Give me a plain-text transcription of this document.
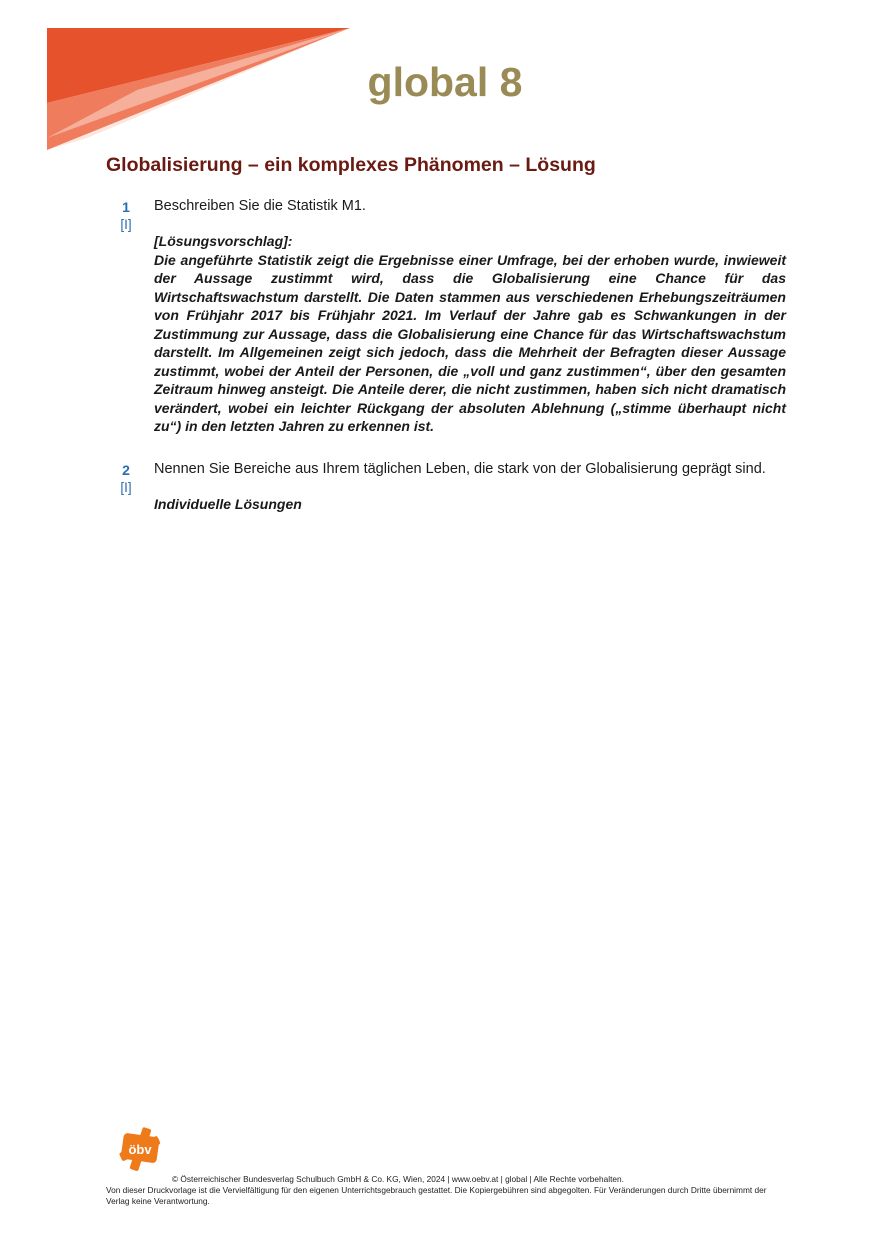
global 8
Globalisierung – ein komplexes Phänomen – Lösung
1
[I]
Beschreiben Sie die Statistik M1.
[Lösungsvorschlag]:

Die angeführte Statistik zeigt die Ergebnisse einer Umfrage, bei der erhoben wurde, inwieweit der Aussage zustimmt wird, dass die Globalisierung eine Chance für das Wirtschaftswachstum darstellt. Die Daten stammen aus verschiedenen Erhebungszeiträumen von Frühjahr 2017 bis Frühjahr 2021. Im Verlauf der Jahre gab es Schwankungen in der Zustimmung zur Aussage, dass die Globalisierung eine Chance für das Wirtschaftswachstum darstellt. Im Allgemeinen zeigt sich jedoch, dass die Mehrheit der Befragten dieser Aussage zustimmt, wobei der Anteil der Personen, die „voll und ganz zustimmen“, über den gesamten Zeitraum hinweg ansteigt. Die Anteile derer, die nicht zustimmen, haben sich nicht dramatisch verändert, wobei ein leichter Rückgang der absoluten Ablehnung („stimme überhaupt nicht zu“) in den letzten Jahren zu erkennen ist.

2
[I]
Nennen Sie Bereiche aus Ihrem täglichen Leben, die stark von der Globalisierung geprägt sind.
Individuelle Lösungen
öbv
© Österreichischer Bundesverlag Schulbuch GmbH & Co. KG, Wien, 2024 | www.oebv.at | global | Alle Rechte vorbehalten.
Von dieser Druckvorlage ist die Vervielfältigung für den eigenen Unterrichtsgebrauch gestattet. Die Kopiergebühren sind abgegolten. Für Veränderungen durch Dritte übernimmt der Verlag keine Verantwortung.
